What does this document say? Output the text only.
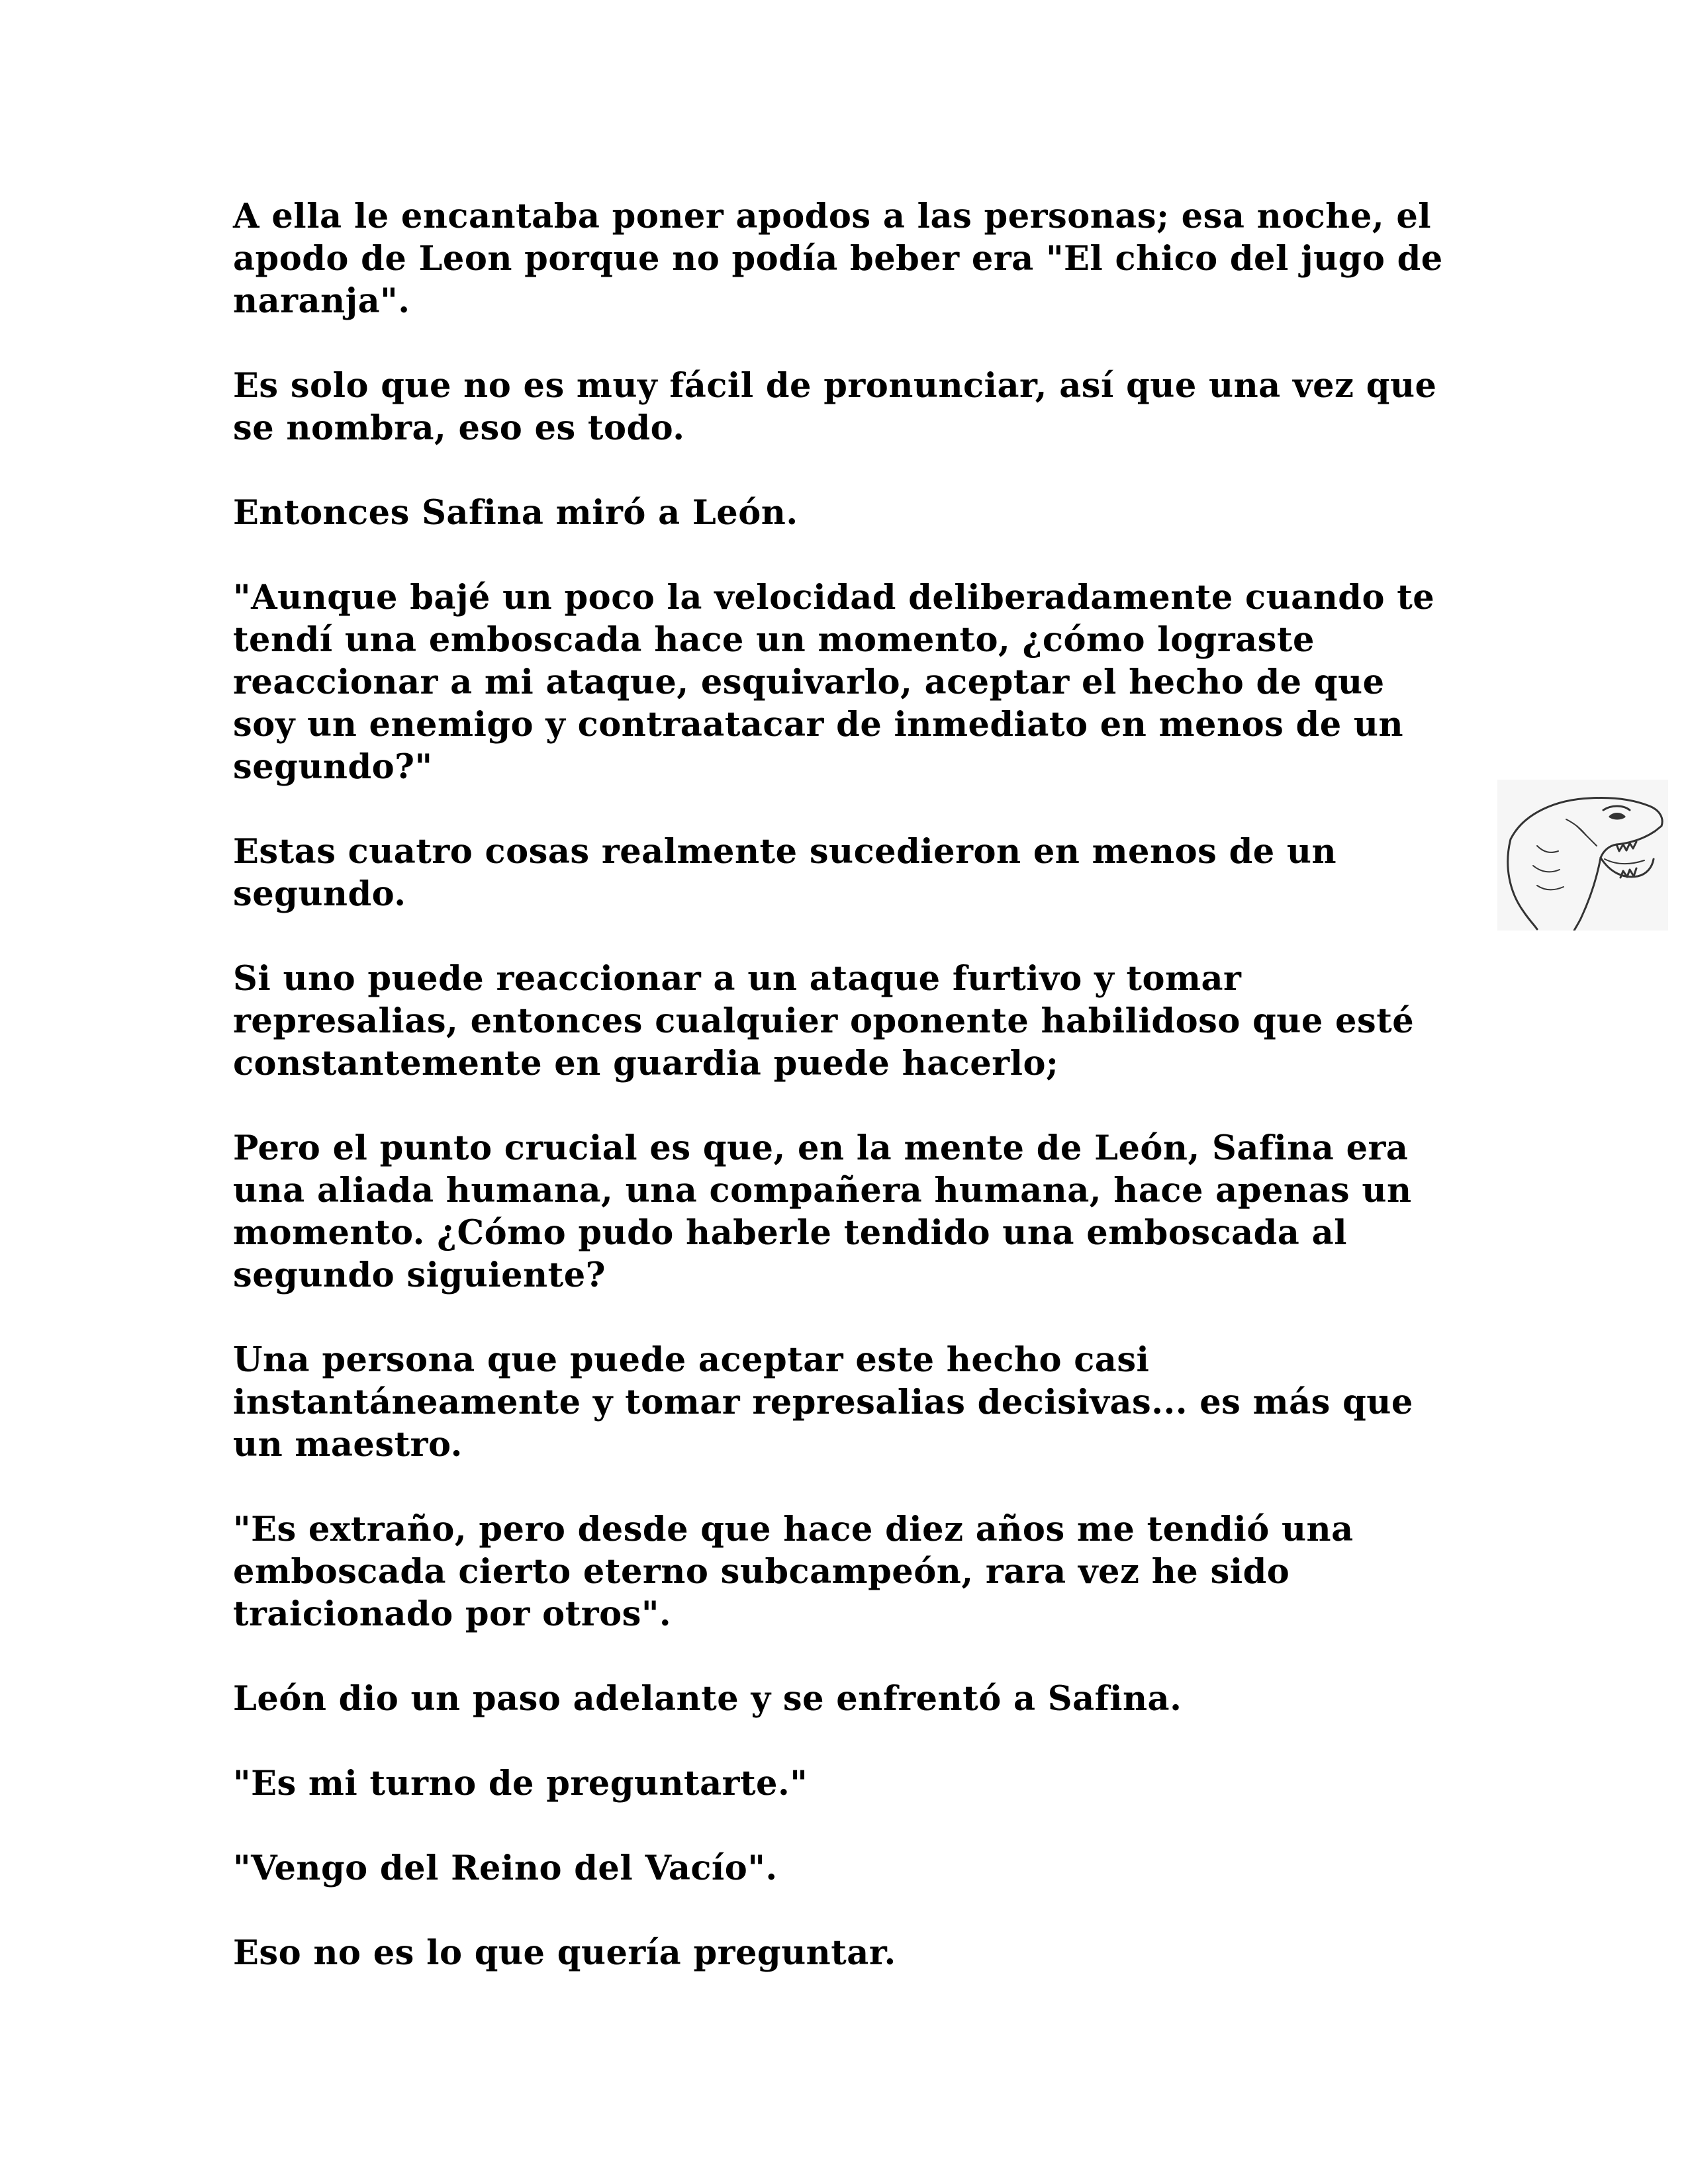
A ella le encantaba poner apodos a las personas; esa noche, el apodo de Leon porque no podía beber era "El chico del jugo de naranja".

Es solo que no es muy fácil de pronunciar, así que una vez que se nombra, eso es todo.

Entonces Safina miró a León.

"Aunque bajé un poco la velocidad deliberadamente cuando te tendí una emboscada hace un momento, ¿cómo lograste reaccionar a mi ataque, esquivarlo, aceptar el hecho de que soy un enemigo y contraatacar de inmediato en menos de un segundo?"

Estas cuatro cosas realmente sucedieron en menos de un segundo.

Si uno puede reaccionar a un ataque furtivo y tomar represalias, entonces cualquier oponente habilidoso que esté constantemente en guardia puede hacerlo;

Pero el punto crucial es que, en la mente de León, Safina era una aliada humana, una compañera humana, hace apenas un momento. ¿Cómo pudo haberle tendido una emboscada al segundo siguiente?

Una persona que puede aceptar este hecho casi instantáneamente y tomar represalias decisivas... es más que un maestro.

"Es extraño, pero desde que hace diez años me tendió una emboscada cierto eterno subcampeón, rara vez he sido traicionado por otros".

León dio un paso adelante y se enfrentó a Safina.

"Es mi turno de preguntarte."

"Vengo del Reino del Vacío".

Eso no es lo que quería preguntar.
